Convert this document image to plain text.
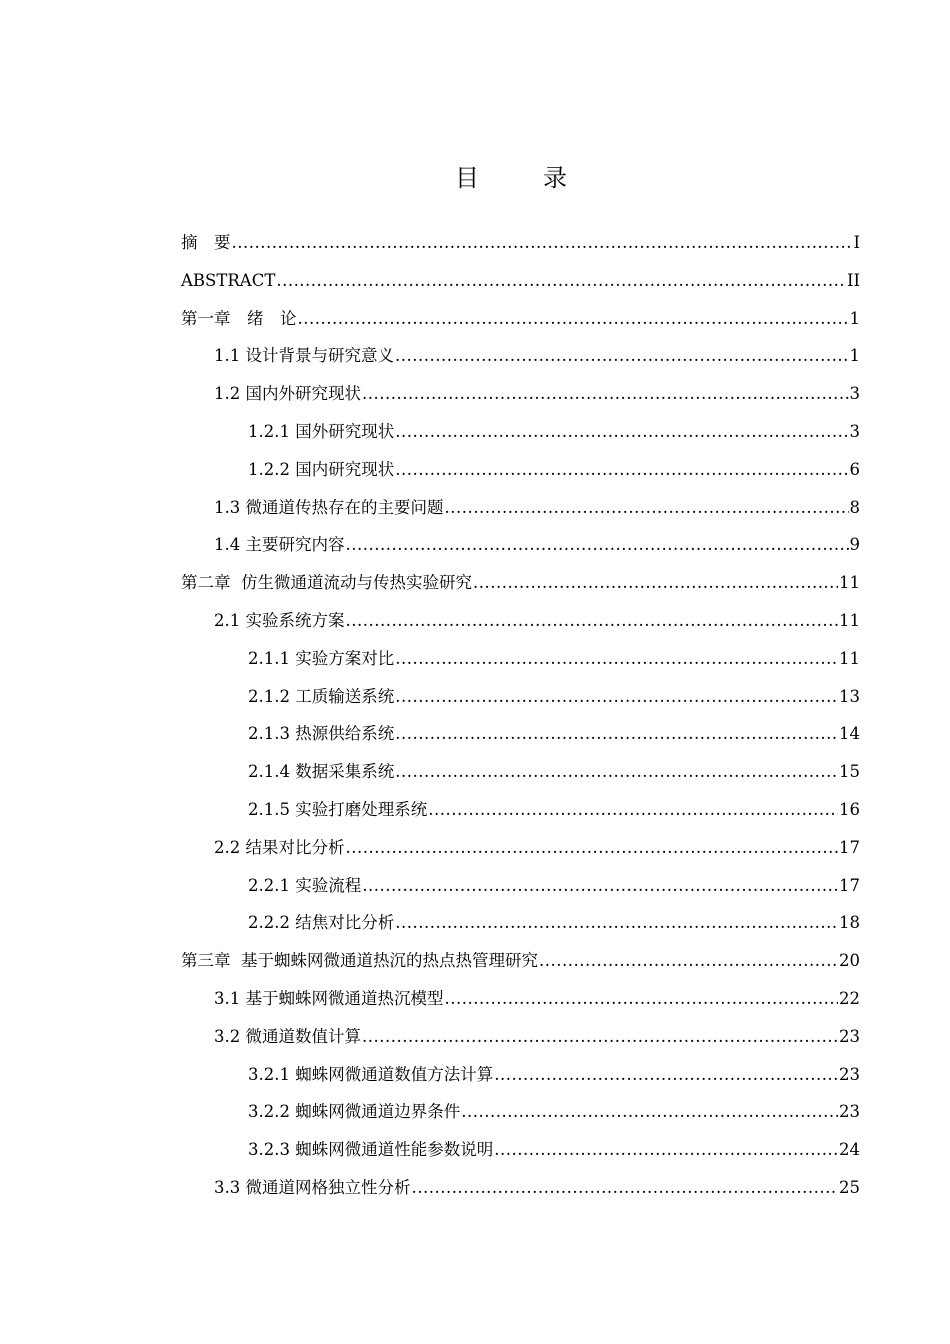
目　录
摘　要 .....	I
ABSTRACT .....	II
第一章　绪　论 .....	1
1.1 设计背景与研究意义 .....	1
1.2 国内外研究现状 .....	3
1.2.1 国外研究现状 .....	3
1.2.2 国内研究现状 .....	6
1.3 微通道传热存在的主要问题 .....	8
1.4 主要研究内容 .....	9
第二章  仿生微通道流动与传热实验研究 .....	11
2.1 实验系统方案 .....	11
2.1.1 实验方案对比 .....	11
2.1.2 工质输送系统 .....	13
2.1.3 热源供给系统 .....	14
2.1.4 数据采集系统 .....	15
2.1.5 实验打磨处理系统 .....	16
2.2 结果对比分析 .....	17
2.2.1 实验流程 .....	17
2.2.2 结焦对比分析 .....	18
第三章  基于蜘蛛网微通道热沉的热点热管理研究 .....	20
3.1 基于蜘蛛网微通道热沉模型 .....	22
3.2 微通道数值计算 .....	23
3.2.1 蜘蛛网微通道数值方法计算 .....	23
3.2.2 蜘蛛网微通道边界条件 .....	23
3.2.3 蜘蛛网微通道性能参数说明 .....	24
3.3 微通道网格独立性分析 .....	25
